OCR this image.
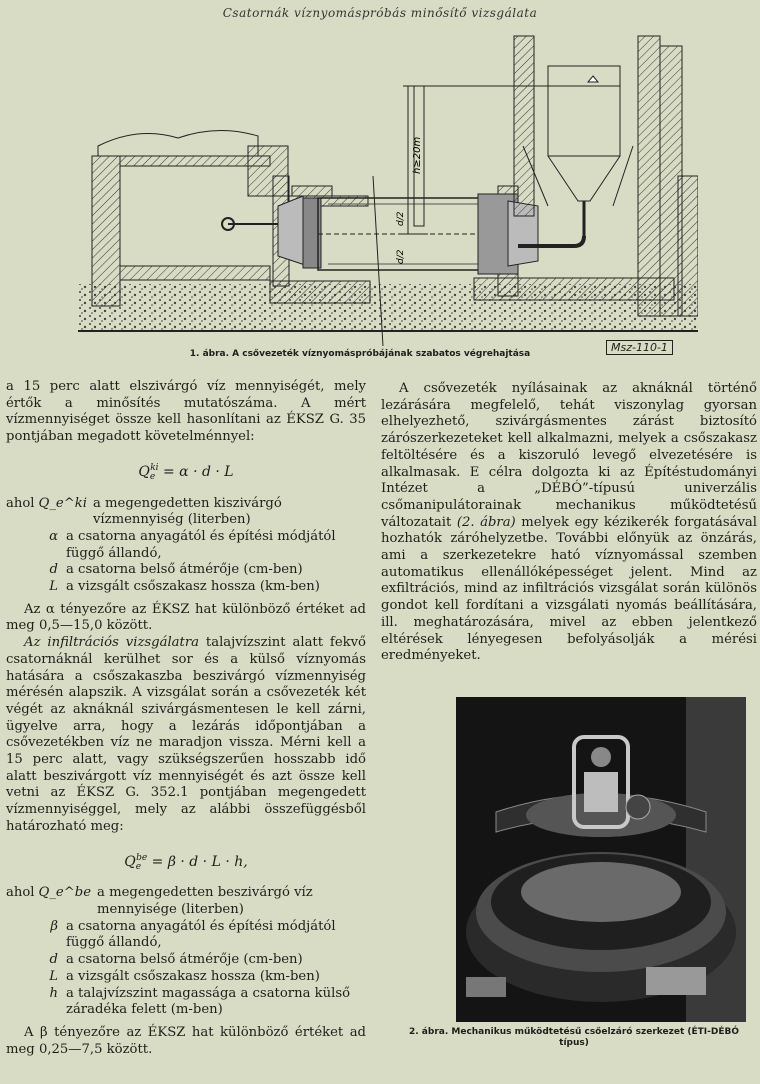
Csatornák víznyomáspróbás minősítő vizsgálata
h≥20m
d/2
d/2
1. ábra. A csővezeték víznyomáspróbájának szabatos végrehajtása	Msz-110-1

a 15 perc alatt elszivárgó víz mennyiségét, mely értők a minősítés mutatószáma. A mért vízmennyiséget össze kell hasonlítani az ÉKSZ G. 35 pontjában megadott követelménnyel:

$Q_e^{ki} = \alpha \cdot d \cdot L$
ahol Q_e^ki a megengedetten kiszivárgó vízmennyiség (literben)
α a csatorna anyagától és építési módjától függő állandó,
d a csatorna belső átmérője (cm-ben)
L a vizsgált csőszakasz hossza (km-ben)

Az α tényezőre az ÉKSZ hat különböző értéket ad meg 0,5—15,0 között.

Az infiltrációs vizsgálatra talajvízszint alatt fekvő csatornáknál kerülhet sor és a külső víznyomás hatására a csőszakaszba beszivárgó vízmennyiség mérésén alapszik. A vizsgálat során a csővezeték két végét az aknáknál szivárgásmentesen le kell zárni, ügyelve arra, hogy a lezárás időpontjában a csővezetékben víz ne maradjon vissza. Mérni kell a 15 perc alatt, vagy szükségszerűen hosszabb idő alatt beszivárgott víz mennyiségét és azt össze kell vetni az ÉKSZ G. 352.1 pontjában megengedett vízmennyiséggel, mely az alábbi összefüggésből határozható meg:

$Q_e^{be} = \beta \cdot d \cdot L \cdot h$,
ahol Q_e^be a megengedetten beszivárgó víz mennyisége (literben)
β a csatorna anyagától és építési módjától függő állandó,
d a csatorna belső átmérője (cm-ben)
L a vizsgált csőszakasz hossza (km-ben)
h a talajvízszint magassága a csatorna külső záradéka felett (m-ben)

A β tényezőre az ÉKSZ hat különböző értéket ad meg 0,25—7,5 között.

A csővezeték nyílásainak az aknáknál történő lezárására megfelelő, tehát viszonylag gyorsan elhelyezhető, szivárgásmentes zárást biztosító zárószerkezeteket kell alkalmazni, melyek a csőszakasz feltöltésére és a kiszoruló levegő elvezetésére is alkalmasak. E célra dolgozta ki az Építéstudományi Intézet a „DÉBÓ”-típusú univerzális csőmanipulátorainak mechanikus működtetésű változatait (2. ábra) melyek egy kézikerék forgatásával hozhatók záróhelyzetbe. További előnyük az önzárás, ami a szerkezetekre ható víznyomással szemben automatikus ellenállóképességet jelent. Mind az exfiltrációs, mind az infiltrációs vizsgálat során különös gondot kell fordítani a vizsgálati nyomás beállítására, ill. meghatározására, mivel az ebben jelentkező eltérések lényegesen befolyásolják a mérési eredményeket.

2. ábra. Mechanikus működtetésű csőelzáró szerkezet (ÉTI-DÉBÓ típus)
